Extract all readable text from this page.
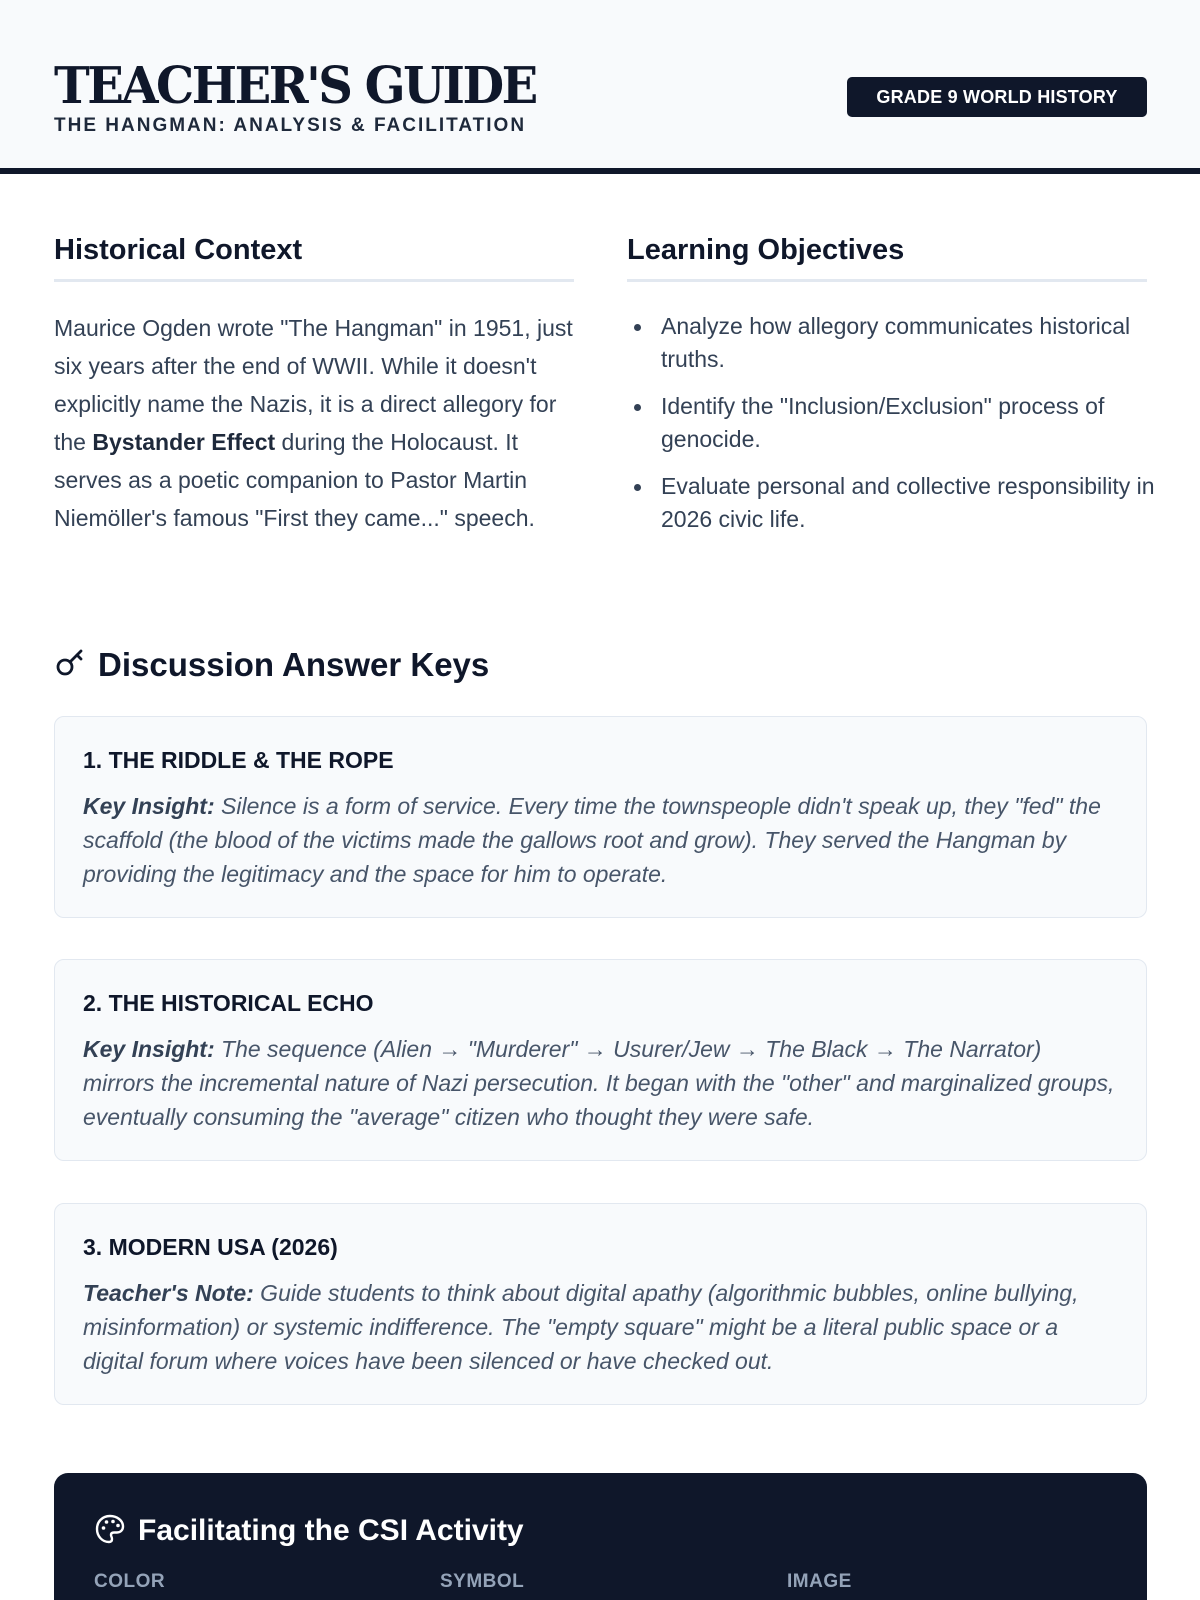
TEACHER'S GUIDE
THE HANGMAN: ANALYSIS & FACILITATION
GRADE 9 WORLD HISTORY
Historical Context

Maurice Ogden wrote "The Hangman" in 1951, just six years after the end of WWII. While it doesn't explicitly name the Nazis, it is a direct allegory for the Bystander Effect during the Holocaust. It serves as a poetic companion to Pastor Martin Niemöller's famous "First they came..." speech.

Learning Objectives
Analyze how allegory communicates historical truths.
Identify the "Inclusion/Exclusion" process of genocide.
Evaluate personal and collective responsibility in 2026 civic life.
Discussion Answer Keys
1. THE RIDDLE & THE ROPE

Key Insight: Silence is a form of service. Every time the townspeople didn't speak up, they "fed" the scaffold (the blood of the victims made the gallows root and grow). They served the Hangman by providing the legitimacy and the space for him to operate.

2. THE HISTORICAL ECHO

Key Insight: The sequence (Alien → "Murderer" → Usurer/Jew → The Black → The Narrator) mirrors the incremental nature of Nazi persecution. It began with the "other" and marginalized groups, eventually consuming the "average" citizen who thought they were safe.

3. MODERN USA (2026)

Teacher's Note: Guide students to think about digital apathy (algorithmic bubbles, online bullying, misinformation) or systemic indifference. The "empty square" might be a literal public space or a digital forum where voices have been silenced or have checked out.

Facilitating the CSI Activity
COLOR	SYMBOL	IMAGE
